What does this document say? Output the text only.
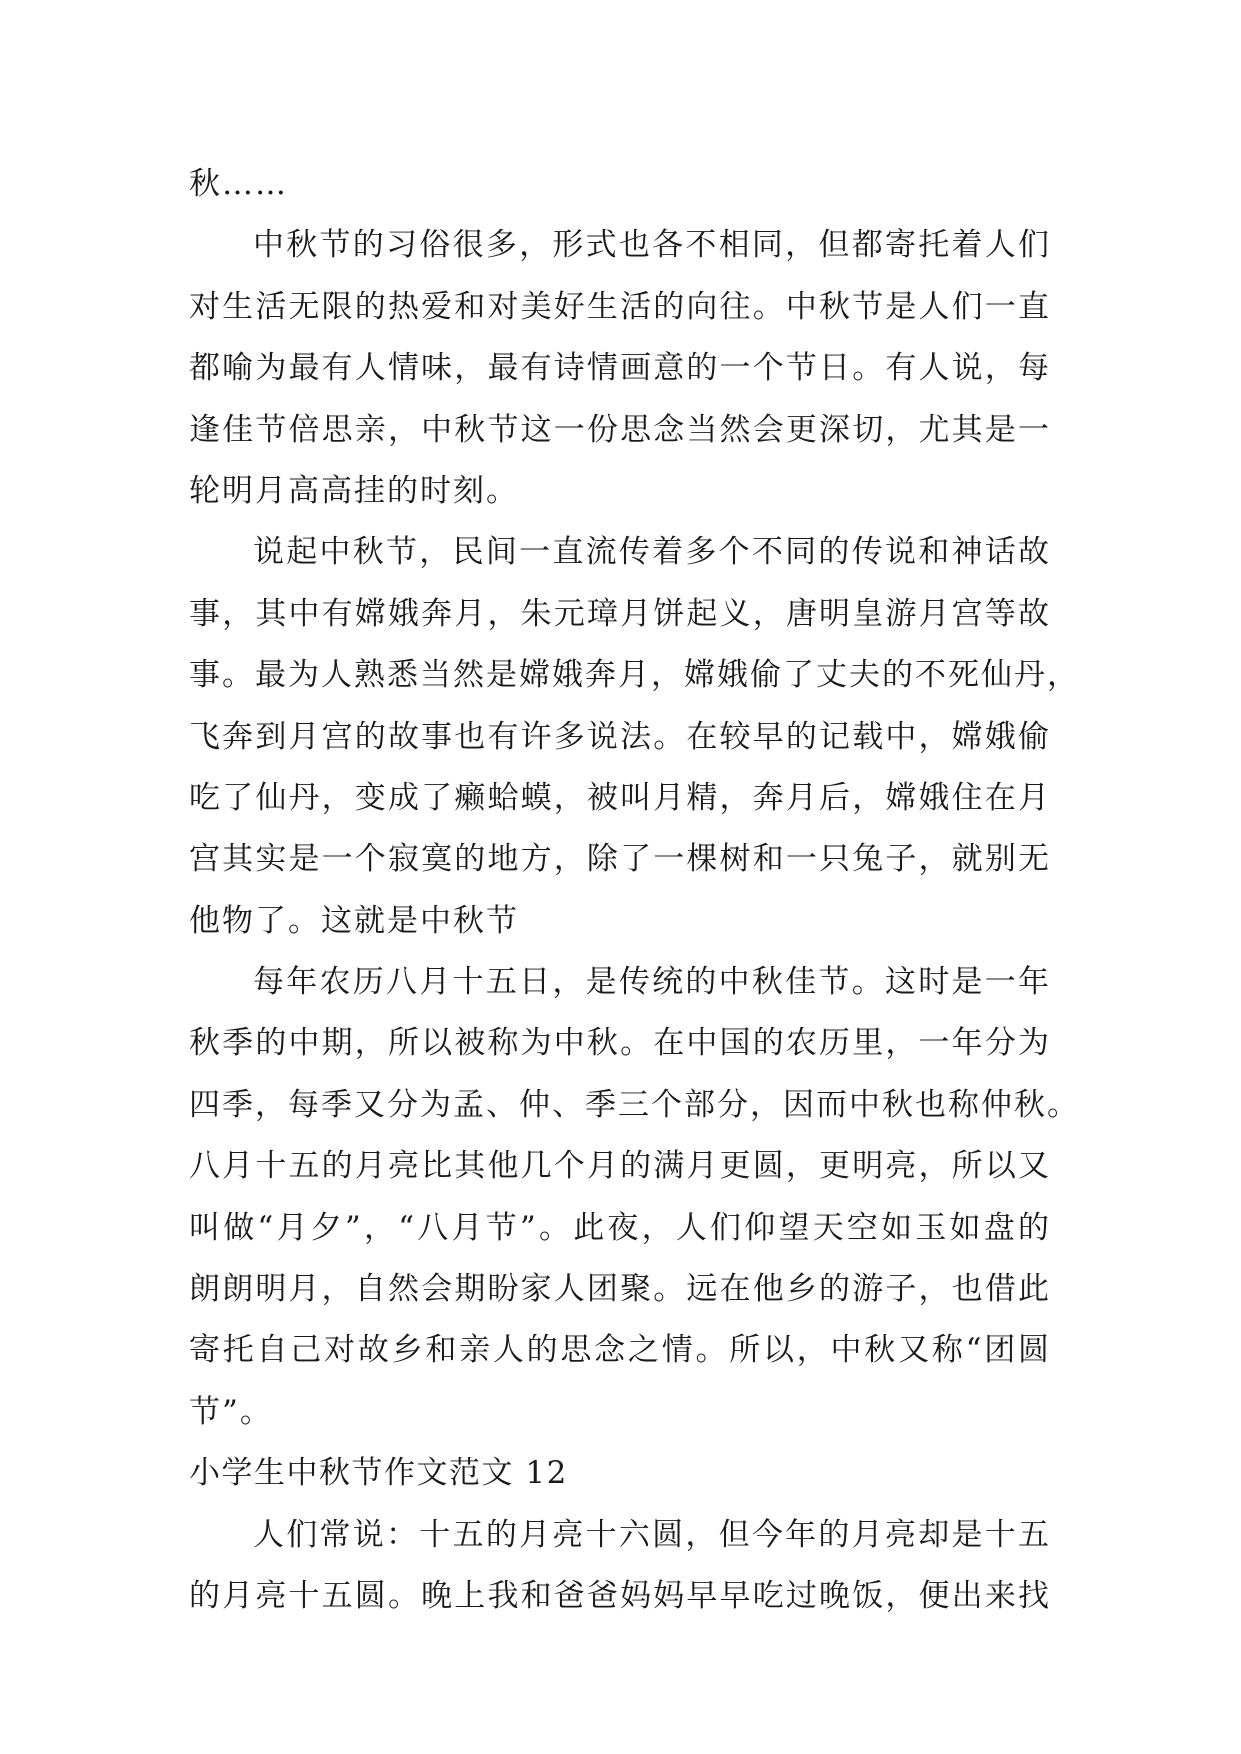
秋……
中秋节的习俗很多，形式也各不相同，但都寄托着人们
对生活无限的热爱和对美好生活的向往。中秋节是人们一直
都喻为最有人情味，最有诗情画意的一个节日。有人说，每
逢佳节倍思亲，中秋节这一份思念当然会更深切，尤其是一
轮明月高高挂的时刻。
说起中秋节，民间一直流传着多个不同的传说和神话故
事，其中有嫦娥奔月，朱元璋月饼起义，唐明皇游月宫等故
事。最为人熟悉当然是嫦娥奔月，嫦娥偷了丈夫的不死仙丹，
飞奔到月宫的故事也有许多说法。在较早的记载中，嫦娥偷
吃了仙丹，变成了癞蛤蟆，被叫月精，奔月后，嫦娥住在月
宫其实是一个寂寞的地方，除了一棵树和一只兔子，就别无
他物了。这就是中秋节
每年农历八月十五日，是传统的中秋佳节。这时是一年
秋季的中期，所以被称为中秋。在中国的农历里，一年分为
四季，每季又分为孟、仲、季三个部分，因而中秋也称仲秋。
八月十五的月亮比其他几个月的满月更圆，更明亮，所以又
叫做“月夕”，“八月节”。此夜，人们仰望天空如玉如盘的
朗朗明月，自然会期盼家人团聚。远在他乡的游子，也借此
寄托自己对故乡和亲人的思念之情。所以，中秋又称“团圆
节”。
小学生中秋节作文范文 12
人们常说：十五的月亮十六圆，但今年的月亮却是十五
的月亮十五圆。晚上我和爸爸妈妈早早吃过晚饭，便出来找
